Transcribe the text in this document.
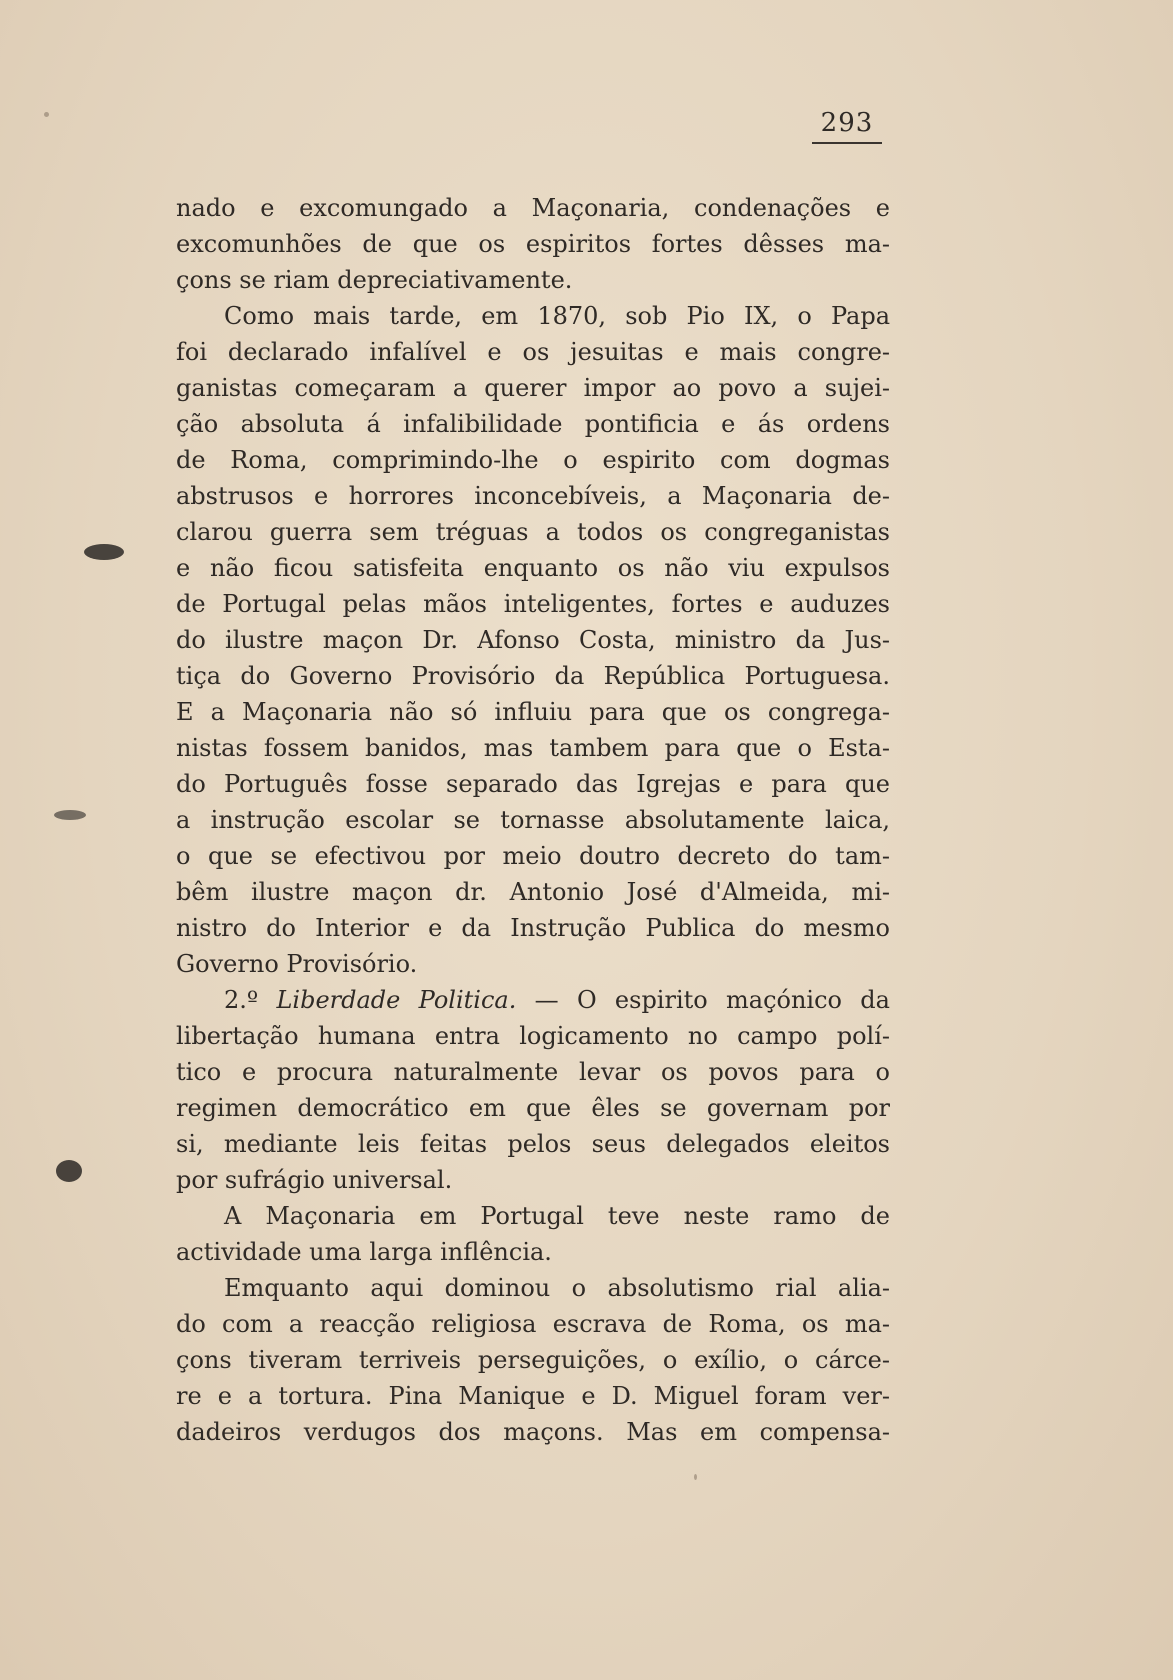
293
nado e excomungado a Maçonaria, condenações e
excomunhões de que os espiritos fortes dêsses ma-
çons se riam depreciativamente.
Como mais tarde, em 1870, sob Pio IX, o Papa
foi declarado infalível e os jesuitas e mais congre-
ganistas começaram a querer impor ao povo a sujei-
ção absoluta á infalibilidade pontificia e ás ordens
de Roma, comprimindo-lhe o espirito com dogmas
abstrusos e horrores inconcebíveis, a Maçonaria de-
clarou guerra sem tréguas a todos os congreganistas
e não ficou satisfeita enquanto os não viu expulsos
de Portugal pelas mãos inteligentes, fortes e auduzes
do ilustre maçon Dr. Afonso Costa, ministro da Jus-
tiça do Governo Provisório da República Portuguesa.
E a Maçonaria não só influiu para que os congrega-
nistas fossem banidos, mas tambem para que o Esta-
do Português fosse separado das Igrejas e para que
a instrução escolar se tornasse absolutamente laica,
o que se efectivou por meio doutro decreto do tam-
bêm ilustre maçon dr. Antonio José d'Almeida, mi-
nistro do Interior e da Instrução Publica do mesmo
Governo Provisório.
2.º Liberdade Politica. — O espirito maçónico da
libertação humana entra logicamento no campo polí-
tico e procura naturalmente levar os povos para o
regimen democrático em que êles se governam por
si, mediante leis feitas pelos seus delegados eleitos
por sufrágio universal.
A Maçonaria em Portugal teve neste ramo de
actividade uma larga inflência.
Emquanto aqui dominou o absolutismo rial alia-
do com a reacção religiosa escrava de Roma, os ma-
çons tiveram terriveis perseguições, o exílio, o cárce-
re e a tortura. Pina Manique e D. Miguel foram ver-
dadeiros verdugos dos maçons. Mas em compensa-
